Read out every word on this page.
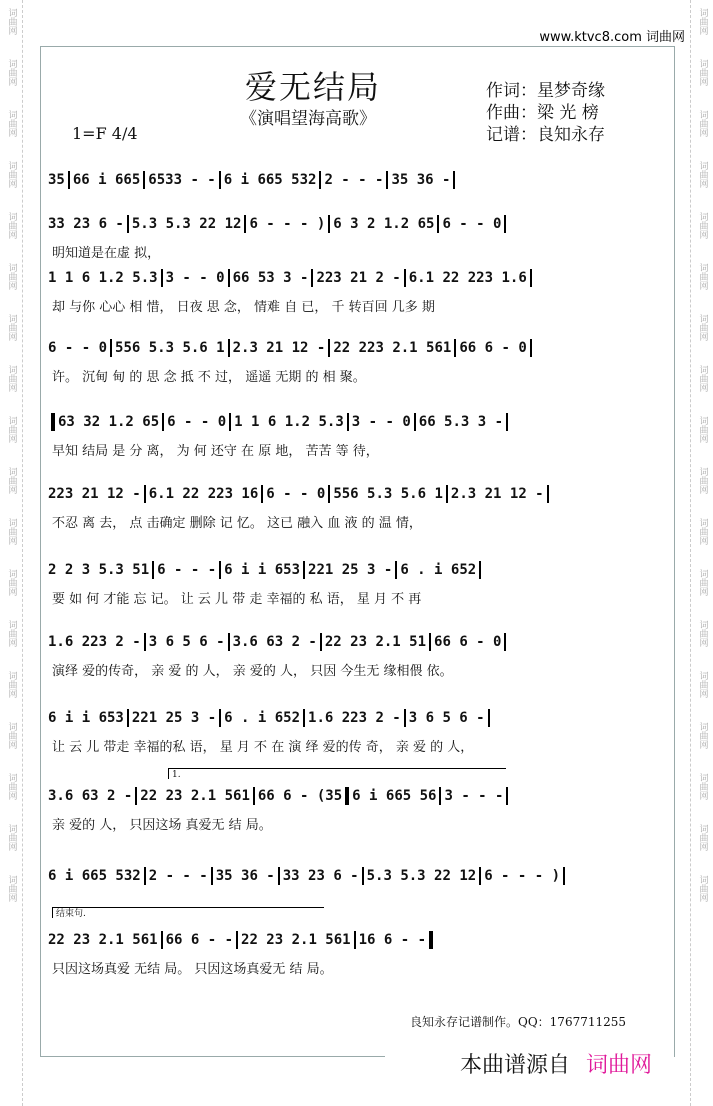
词曲网
词曲网
词曲网
词曲网
词曲网
词曲网
词曲网
词曲网
词曲网
词曲网
词曲网
词曲网
词曲网
词曲网
词曲网
词曲网
词曲网
词曲网
词曲网
词曲网
词曲网
词曲网
词曲网
词曲网
词曲网
词曲网
词曲网
词曲网
词曲网
词曲网
词曲网
词曲网
词曲网
词曲网
词曲网
词曲网
www.ktvc8.com 词曲网
爱无结局
《演唱望海高歌》
1=F 4/4
作词：星梦奇缘
作曲：梁 光 榜
记谱：良知永存
35 66 i 665 6533 - - 6 i 665 532 2 - - - 35 36 -
33 23 6 - 5.3 5.3 22 12 6 - - - ) 6 3 2 1.2 65 6 - - 0
明知道是在虚 拟，
1 1 6 1.2 5.3 3 - - 0 66 53 3 - 223 21 2 - 6.1 22 223 1.6
却 与你 心心 相 惜， 日夜 思 念， 情难 自 已， 千 转百回 几多 期
6 - - 0 556 5.3 5.6 1 2.3 21 12 - 22 223 2.1 561 66 6 - 0
许。 沉甸 甸 的 思 念 抵 不 过， 遥遥 无期 的 相 聚。
63 32 1.2 65 6 - - 0 1 1 6 1.2 5.3 3 - - 0 66 5.3 3 -
早知 结局 是 分 离， 为 何 还守 在 原 地， 苦苦 等 待，
223 21 12 - 6.1 22 223 16 6 - - 0 556 5.3 5.6 1 2.3 21 12 -
不忍 离 去， 点 击确定 删除 记 忆。 这已 融入 血 液 的 温 情，
2 2 3 5.3 51 6 - - - 6 i i 653 221 25 3 - 6 . i 652
要 如 何 才能 忘 记。 让 云 儿 带 走 幸福的 私 语， 星 月 不 再
1.6 223 2 - 3 6 5 6 - 3.6 63 2 - 22 23 2.1 51 66 6 - 0
演绎 爱的传奇， 亲 爱 的 人， 亲 爱的 人， 只因 今生无 缘相偎 依。
6 i i 653 221 25 3 - 6 . i 652 1.6 223 2 - 3 6 5 6 -
让 云 儿 带走 幸福的私 语， 星 月 不 在 演 绎 爱的传 奇， 亲 爱 的 人，
3.6 63 2 - 22 23 2.1 561 66 6 - (35 6 i 665 56 3 - - -
亲 爱的 人， 只因这场 真爱无 结 局。
6 i 665 532 2 - - - 35 36 - 33 23 6 - 5.3 5.3 22 12 6 - - - )
22 23 2.1 561 66 6 - - 22 23 2.1 561 16 6 - -
只因这场真爱 无结 局。 只因这场真爱无 结 局。
1.
结束句.
良知永存记谱制作。QQ：1767711255
本曲谱源自 词曲网
